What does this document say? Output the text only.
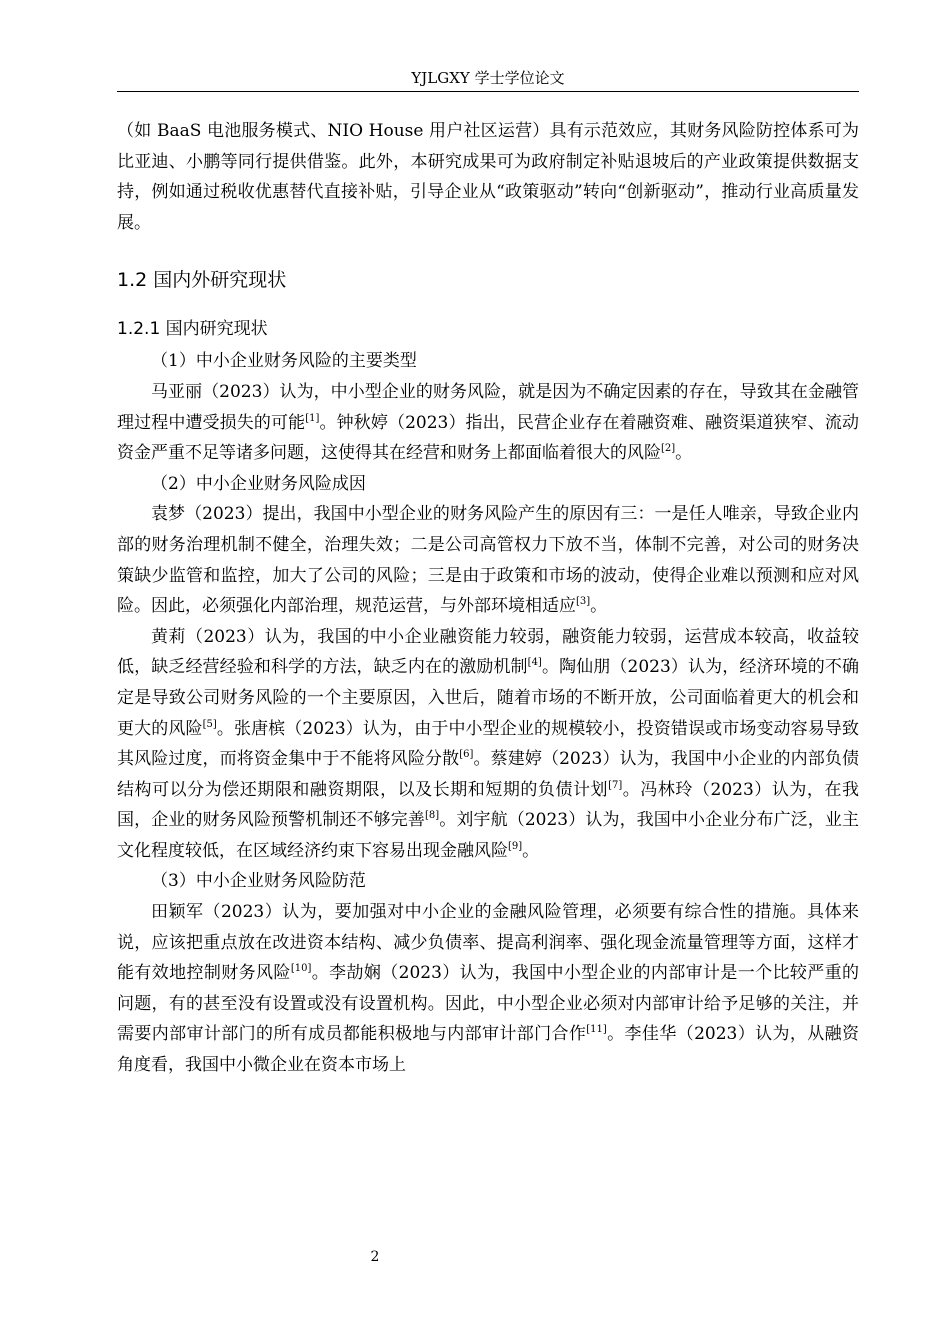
YJLGXY 学士学位论文

（如 BaaS 电池服务模式、NIO House 用户社区运营）具有示范效应，其财务风险防控体系可为比亚迪、小鹏等同行提供借鉴。此外，本研究成果可为政府制定补贴退坡后的产业政策提供数据支持，例如通过税收优惠替代直接补贴，引导企业从“政策驱动”转向“创新驱动”，推动行业高质量发展。

1.2 国内外研究现状
1.2.1 国内研究现状

（1）中小企业财务风险的主要类型

马亚丽（2023）认为，中小型企业的财务风险，就是因为不确定因素的存在，导致其在金融管理过程中遭受损失的可能[1]。钟秋婷（2023）指出，民营企业存在着融资难、融资渠道狭窄、流动资金严重不足等诸多问题，这使得其在经营和财务上都面临着很大的风险[2]。

（2）中小企业财务风险成因

袁梦（2023）提出，我国中小型企业的财务风险产生的原因有三：一是任人唯亲，导致企业内部的财务治理机制不健全，治理失效；二是公司高管权力下放不当，体制不完善，对公司的财务决策缺少监管和监控，加大了公司的风险；三是由于政策和市场的波动，使得企业难以预测和应对风险。因此，必须强化内部治理，规范运营，与外部环境相适应[3]。

黄莉（2023）认为，我国的中小企业融资能力较弱，融资能力较弱，运营成本较高，收益较低，缺乏经营经验和科学的方法，缺乏内在的激励机制[4]。陶仙朋（2023）认为，经济环境的不确定是导致公司财务风险的一个主要原因，入世后，随着市场的不断开放，公司面临着更大的机会和更大的风险[5]。张唐槟（2023）认为，由于中小型企业的规模较小，投资错误或市场变动容易导致其风险过度，而将资金集中于不能将风险分散[6]。蔡建婷（2023）认为，我国中小企业的内部负债结构可以分为偿还期限和融资期限，以及长期和短期的负债计划[7]。冯林玲（2023）认为，在我国，企业的财务风险预警机制还不够完善[8]。刘宇航（2023）认为，我国中小企业分布广泛，业主文化程度较低，在区域经济约束下容易出现金融风险[9]。

（3）中小企业财务风险防范

田颖军（2023）认为，要加强对中小企业的金融风险管理，必须要有综合性的措施。具体来说，应该把重点放在改进资本结构、减少负债率、提高利润率、强化现金流量管理等方面，这样才能有效地控制财务风险[10]。李劼娴（2023）认为，我国中小型企业的内部审计是一个比较严重的问题，有的甚至没有设置或没有设置机构。因此，中小型企业必须对内部审计给予足够的关注，并需要内部审计部门的所有成员都能积极地与内部审计部门合作[11]。李佳华（2023）认为，从融资角度看，我国中小微企业在资本市场上

2
